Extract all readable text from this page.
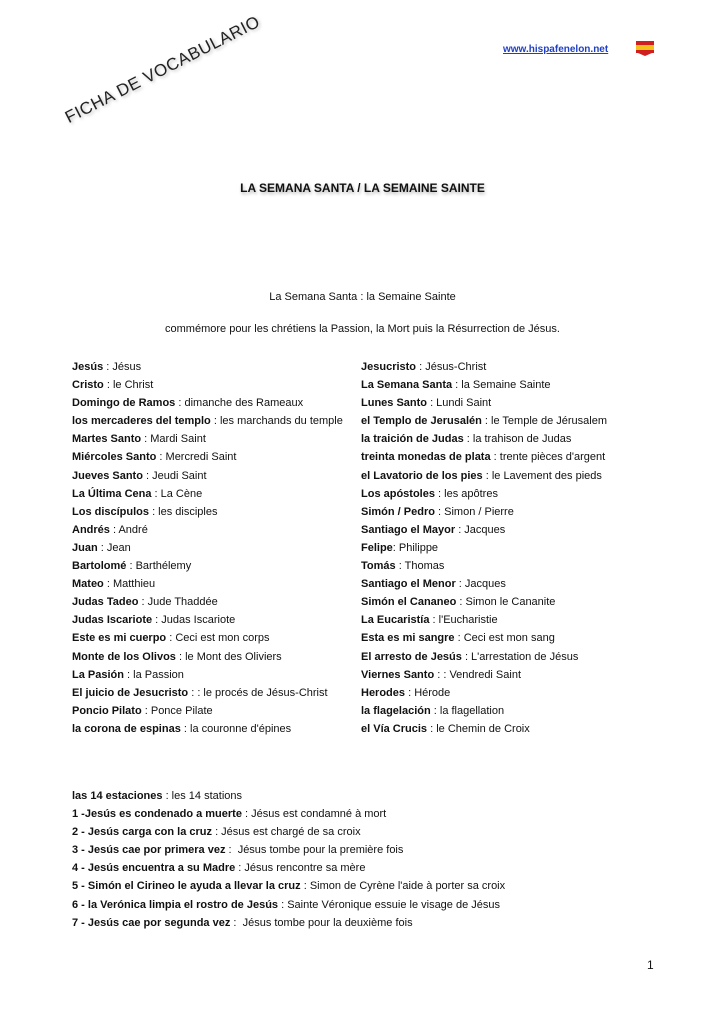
www.hispafenelon.net
FICHA DE VOCABULARIO
LA SEMANA SANTA / LA SEMAINE SAINTE
La Semana Santa : la Semaine Sainte
commémore pour les chrétiens la Passion, la Mort puis la Résurrection de Jésus.
Jesús : Jésus	Jesucristo : Jésus-Christ
Cristo : le Christ	La Semana Santa : la Semaine Sainte
Domingo de Ramos : dimanche des Rameaux	Lunes Santo : Lundi Saint
los mercaderes del templo : les marchands du temple	el Templo de Jerusalén : le Temple de Jérusalem
Martes Santo : Mardi Saint	la traición de Judas : la trahison de Judas
Miércoles Santo : Mercredi Saint	treinta monedas de plata : trente pièces d'argent
Jueves Santo : Jeudi Saint	el Lavatorio de los pies : le Lavement des pieds
La Última Cena : La Cène	Los apóstoles : les apôtres
Los discípulos : les disciples	Simón / Pedro : Simon / Pierre
Andrés : André	Santiago el Mayor : Jacques
Juan : Jean	Felipe: Philippe
Bartolomé : Barthélemy	Tomás : Thomas
Mateo : Matthieu	Santiago el Menor : Jacques
Judas Tadeo : Jude Thaddée	Simón el Cananeo : Simon le Cananite
Judas Iscariote : Judas Iscariote	La Eucaristía : l'Eucharistie
Este es mi cuerpo : Ceci est mon corps	Esta es mi sangre : Ceci est mon sang
Monte de los Olivos : le Mont des Oliviers	El arresto de Jesús : L'arrestation de Jésus
La Pasión : la Passion	Viernes Santo : : Vendredi Saint
El juicio de Jesucristo : : le procés de Jésus-Christ	Herodes : Hérode
Poncio Pilato : Ponce Pilate	la flagelación : la flagellation
la corona de espinas : la couronne d'épines	el Vía Crucis : le Chemin de Croix
las 14 estaciones : les 14 stations
1 -Jesús es condenado a muerte : Jésus est condamné à mort
2 - Jesús carga con la cruz : Jésus est chargé de sa croix
3 - Jesús cae por primera vez :  Jésus tombe pour la première fois
4 - Jesús encuentra a su Madre : Jésus rencontre sa mère
5 - Simón el Cirineo le ayuda a llevar la cruz : Simon de Cyrène l'aide à porter sa croix
6 - la Verónica limpia el rostro de Jesús : Sainte Véronique essuie le visage de Jésus
7 - Jesús cae por segunda vez :  Jésus tombe pour la deuxième fois
1
